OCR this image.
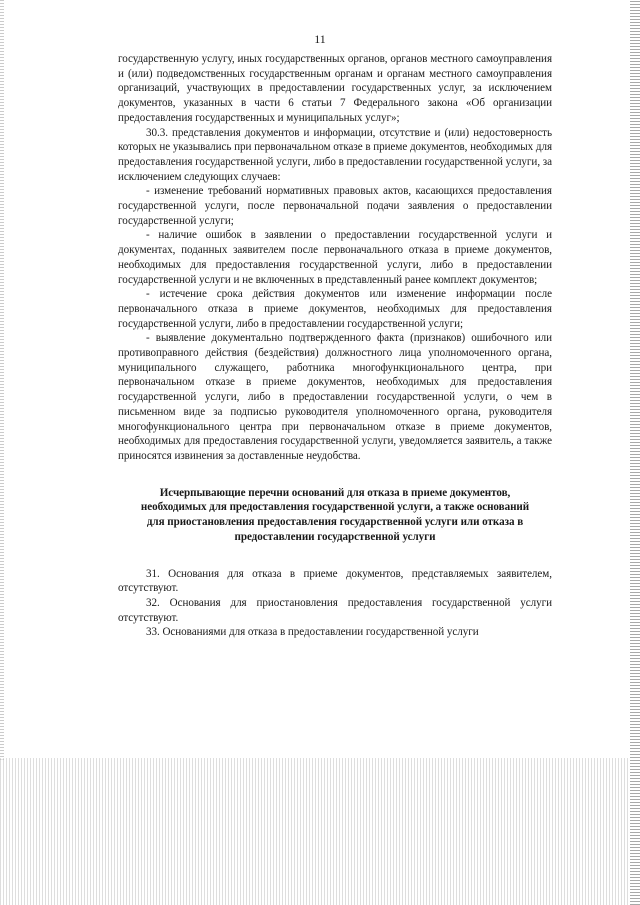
11

государственную услугу, иных государственных органов, органов местного самоуправления и (или) подведомственных государственным органам и органам местного самоуправления организаций, участвующих в предоставлении государственных услуг, за исключением документов, указанных в части 6 статьи 7 Федерального закона «Об организации предоставления государственных и муниципальных услуг»;

30.3. представления документов и информации, отсутствие и (или) недостоверность которых не указывались при первоначальном отказе в приеме документов, необходимых для предоставления государственной услуги, либо в предоставлении государственной услуги, за исключением следующих случаев:

- изменение требований нормативных правовых актов, касающихся предоставления государственной услуги, после первоначальной подачи заявления о предоставлении государственной услуги;

- наличие ошибок в заявлении о предоставлении государственной услуги и документах, поданных заявителем после первоначального отказа в приеме документов, необходимых для предоставления государственной услуги, либо в предоставлении государственной услуги и не включенных в представленный ранее комплект документов;

- истечение срока действия документов или изменение информации после первоначального отказа в приеме документов, необходимых для предоставления государственной услуги, либо в предоставлении государственной услуги;

- выявление документально подтвержденного факта (признаков) ошибочного или противоправного действия (бездействия) должностного лица уполномоченного органа, муниципального служащего, работника многофункционального центра, при первоначальном отказе в приеме документов, необходимых для предоставления государственной услуги, либо в предоставлении государственной услуги, о чем в письменном виде за подписью руководителя уполномоченного органа, руководителя многофункционального центра при первоначальном отказе в приеме документов, необходимых для предоставления государственной услуги, уведомляется заявитель, а также приносятся извинения за доставленные неудобства.

Исчерпывающие перечни оснований для отказа в приеме документов, необходимых для предоставления государственной услуги, а также оснований для приостановления предоставления государственной услуги или отказа в предоставлении государственной услуги

31. Основания для отказа в приеме документов, представляемых заявителем, отсутствуют.

32. Основания для приостановления предоставления государственной услуги отсутствуют.

33. Основаниями для отказа в предоставлении государственной услуги
